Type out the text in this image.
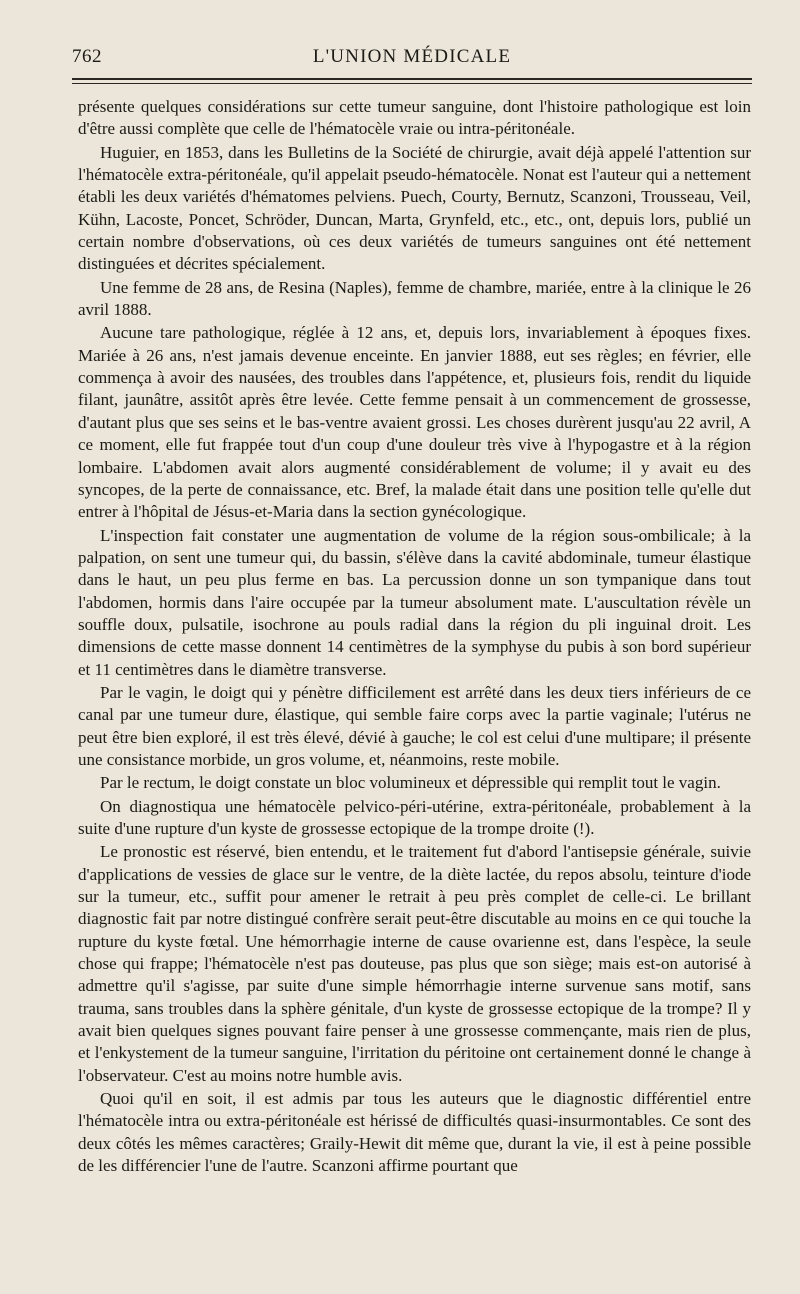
762	L'UNION MÉDICALE

présente quelques considérations sur cette tumeur sanguine, dont l'histoire pathologique est loin d'être aussi complète que celle de l'hématocèle vraie ou intra-péritonéale.

Huguier, en 1853, dans les Bulletins de la Société de chirurgie, avait déjà appelé l'attention sur l'hématocèle extra-péritonéale, qu'il appelait pseudo-hématocèle. Nonat est l'auteur qui a nettement établi les deux variétés d'hématomes pelviens. Puech, Courty, Bernutz, Scanzoni, Trousseau, Veil, Kühn, Lacoste, Poncet, Schröder, Duncan, Marta, Grynfeld, etc., etc., ont, depuis lors, publié un certain nombre d'observations, où ces deux variétés de tumeurs sanguines ont été nettement distinguées et décrites spécialement.

Une femme de 28 ans, de Resina (Naples), femme de chambre, mariée, entre à la clinique le 26 avril 1888.

Aucune tare pathologique, réglée à 12 ans, et, depuis lors, invariablement à époques fixes. Mariée à 26 ans, n'est jamais devenue enceinte. En janvier 1888, eut ses règles; en février, elle commença à avoir des nausées, des troubles dans l'appétence, et, plusieurs fois, rendit du liquide filant, jaunâtre, assitôt après être levée. Cette femme pensait à un commencement de grossesse, d'autant plus que ses seins et le bas-ventre avaient grossi. Les choses durèrent jusqu'au 22 avril, A ce moment, elle fut frappée tout d'un coup d'une douleur très vive à l'hypogastre et à la région lombaire. L'abdomen avait alors augmenté considérablement de volume; il y avait eu des syncopes, de la perte de connaissance, etc. Bref, la malade était dans une position telle qu'elle dut entrer à l'hôpital de Jésus-et-Maria dans la section gynécologique.

L'inspection fait constater une augmentation de volume de la région sous-ombilicale; à la palpation, on sent une tumeur qui, du bassin, s'élève dans la cavité abdominale, tumeur élastique dans le haut, un peu plus ferme en bas. La percussion donne un son tympanique dans tout l'abdomen, hormis dans l'aire occupée par la tumeur absolument mate. L'auscultation révèle un souffle doux, pulsatile, isochrone au pouls radial dans la région du pli inguinal droit. Les dimensions de cette masse donnent 14 centimètres de la symphyse du pubis à son bord supérieur et 11 centimètres dans le diamètre transverse.

Par le vagin, le doigt qui y pénètre difficilement est arrêté dans les deux tiers inférieurs de ce canal par une tumeur dure, élastique, qui semble faire corps avec la partie vaginale; l'utérus ne peut être bien exploré, il est très élevé, dévié à gauche; le col est celui d'une multipare; il présente une consistance morbide, un gros volume, et, néanmoins, reste mobile.

Par le rectum, le doigt constate un bloc volumineux et dépressible qui remplit tout le vagin.

On diagnostiqua une hématocèle pelvico-péri-utérine, extra-péritonéale, probablement à la suite d'une rupture d'un kyste de grossesse ectopique de la trompe droite (!).

Le pronostic est réservé, bien entendu, et le traitement fut d'abord l'antisepsie générale, suivie d'applications de vessies de glace sur le ventre, de la diète lactée, du repos absolu, teinture d'iode sur la tumeur, etc., suffit pour amener le retrait à peu près complet de celle-ci. Le brillant diagnostic fait par notre distingué confrère serait peut-être discutable au moins en ce qui touche la rupture du kyste fœtal. Une hémorrhagie interne de cause ovarienne est, dans l'espèce, la seule chose qui frappe; l'hématocèle n'est pas douteuse, pas plus que son siège; mais est-on autorisé à admettre qu'il s'agisse, par suite d'une simple hémorrhagie interne survenue sans motif, sans trauma, sans troubles dans la sphère génitale, d'un kyste de grossesse ectopique de la trompe? Il y avait bien quelques signes pouvant faire penser à une grossesse commençante, mais rien de plus, et l'enkystement de la tumeur sanguine, l'irritation du péritoine ont certainement donné le change à l'observateur. C'est au moins notre humble avis.

Quoi qu'il en soit, il est admis par tous les auteurs que le diagnostic différentiel entre l'hématocèle intra ou extra-péritonéale est hérissé de difficultés quasi-insurmontables. Ce sont des deux côtés les mêmes caractères; Graily-Hewit dit même que, durant la vie, il est à peine possible de les différencier l'une de l'autre. Scanzoni affirme pourtant que
